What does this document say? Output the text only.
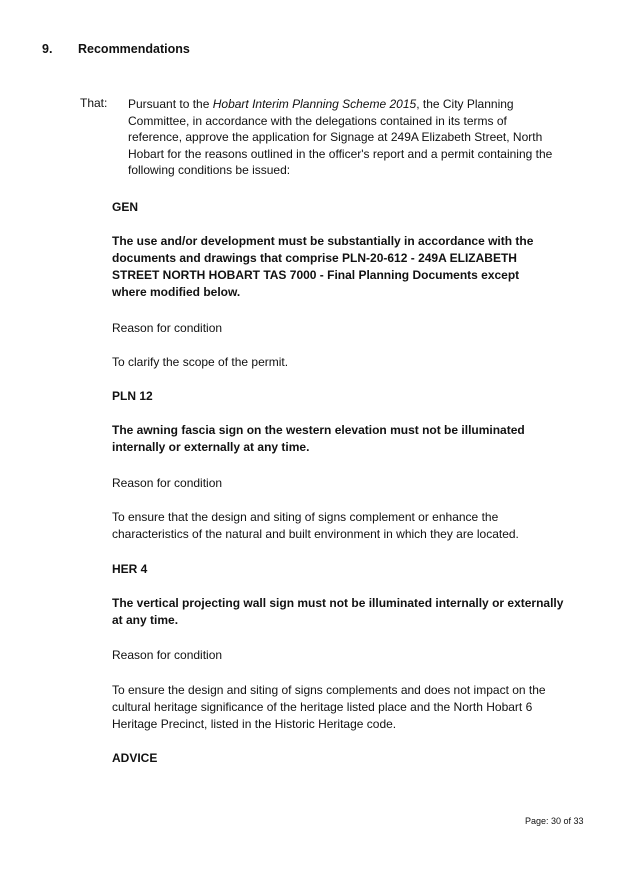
9. Recommendations
That: Pursuant to the Hobart Interim Planning Scheme 2015, the City Planning
Committee, in accordance with the delegations contained in its terms of
reference, approve the application for Signage at 249A Elizabeth Street, North
Hobart for the reasons outlined in the officer's report and a permit containing the
following conditions be issued:
GEN
The use and/or development must be substantially in accordance with the
documents and drawings that comprise PLN-20-612 - 249A ELIZABETH
STREET NORTH HOBART TAS 7000 - Final Planning Documents except
where modified below.
Reason for condition
To clarify the scope of the permit.
PLN 12
The awning fascia sign on the western elevation must not be illuminated
internally or externally at any time.
Reason for condition
To ensure that the design and siting of signs complement or enhance the
characteristics of the natural and built environment in which they are located.
HER 4
The vertical projecting wall sign must not be illuminated internally or externally
at any time.
Reason for condition
To ensure the design and siting of signs complements and does not impact on the
cultural heritage significance of the heritage listed place and the North Hobart 6
Heritage Precinct, listed in the Historic Heritage code.
ADVICE
Page: 30 of 33
